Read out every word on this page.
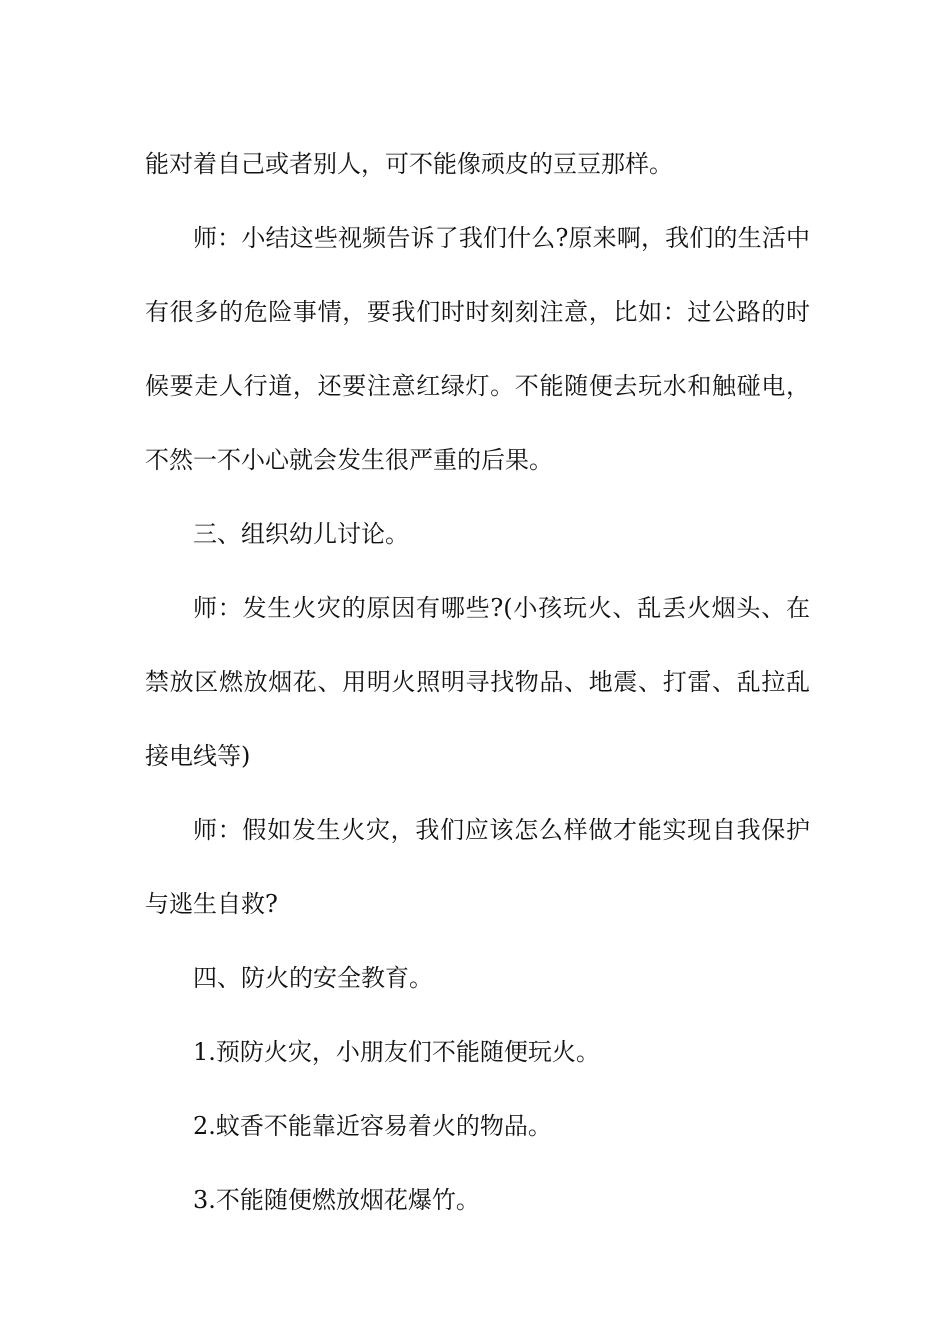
能对着自己或者别人，可不能像顽皮的豆豆那样。

师：小结这些视频告诉了我们什么?原来啊，我们的生活中有很多的危险事情，要我们时时刻刻注意，比如：过公路的时候要走人行道，还要注意红绿灯。不能随便去玩水和触碰电，不然一不小心就会发生很严重的后果。

三、组织幼儿讨论。

师：发生火灾的原因有哪些?(小孩玩火、乱丢火烟头、在禁放区燃放烟花、用明火照明寻找物品、地震、打雷、乱拉乱接电线等)

师：假如发生火灾，我们应该怎么样做才能实现自我保护与逃生自救?

四、防火的安全教育。

1.预防火灾，小朋友们不能随便玩火。

2.蚊香不能靠近容易着火的物品。

3.不能随便燃放烟花爆竹。
